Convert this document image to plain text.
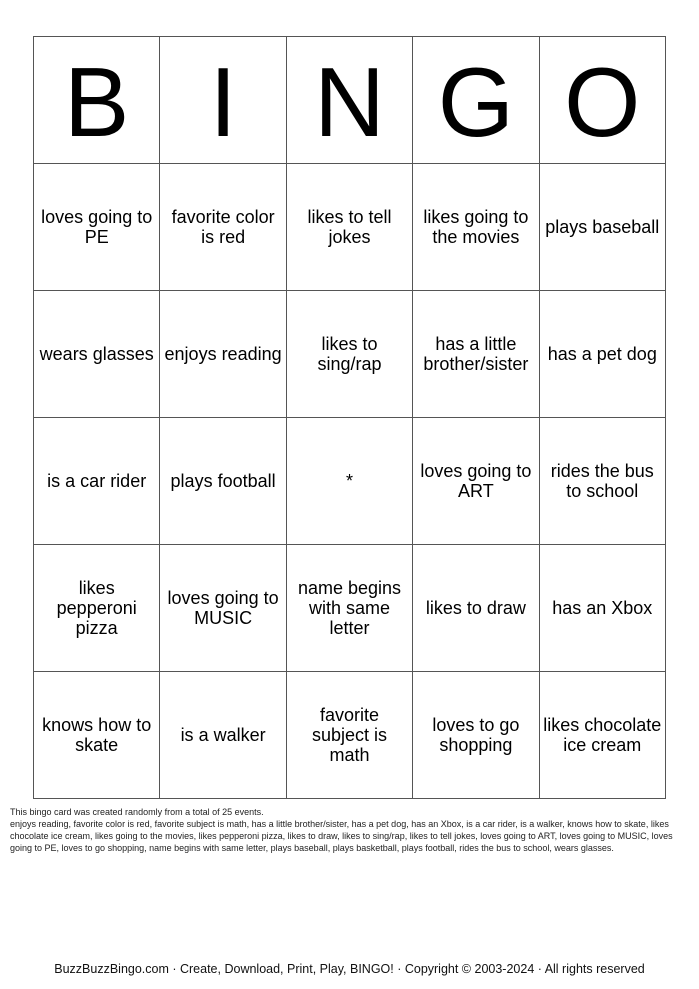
B	I	N	G	O
loves going to PE	favorite color is red	likes to tell jokes	likes going to the movies	plays baseball
wears glasses	enjoys reading	likes to sing/rap	has a little brother/sister	has a pet dog
is a car rider	plays football	*	loves going to ART	rides the bus to school
likes pepperoni pizza	loves going to MUSIC	name begins with same letter	likes to draw	has an Xbox
knows how to skate	is a walker	favorite subject is math	loves to go shopping	likes chocolate ice cream

This bingo card was created randomly from a total of 25 events.

enjoys reading, favorite color is red, favorite subject is math, has a little brother/sister, has a pet dog, has an Xbox, is a car rider, is a walker, knows how to skate, likes chocolate ice cream, likes going to the movies, likes pepperoni pizza, likes to draw, likes to sing/rap, likes to tell jokes, loves going to ART, loves going to MUSIC, loves going to PE, loves to go shopping, name begins with same letter, plays baseball, plays basketball, plays football, rides the bus to school, wears glasses.

BuzzBuzzBingo.com · Create, Download, Print, Play, BINGO! · Copyright © 2003-2024 · All rights reserved
